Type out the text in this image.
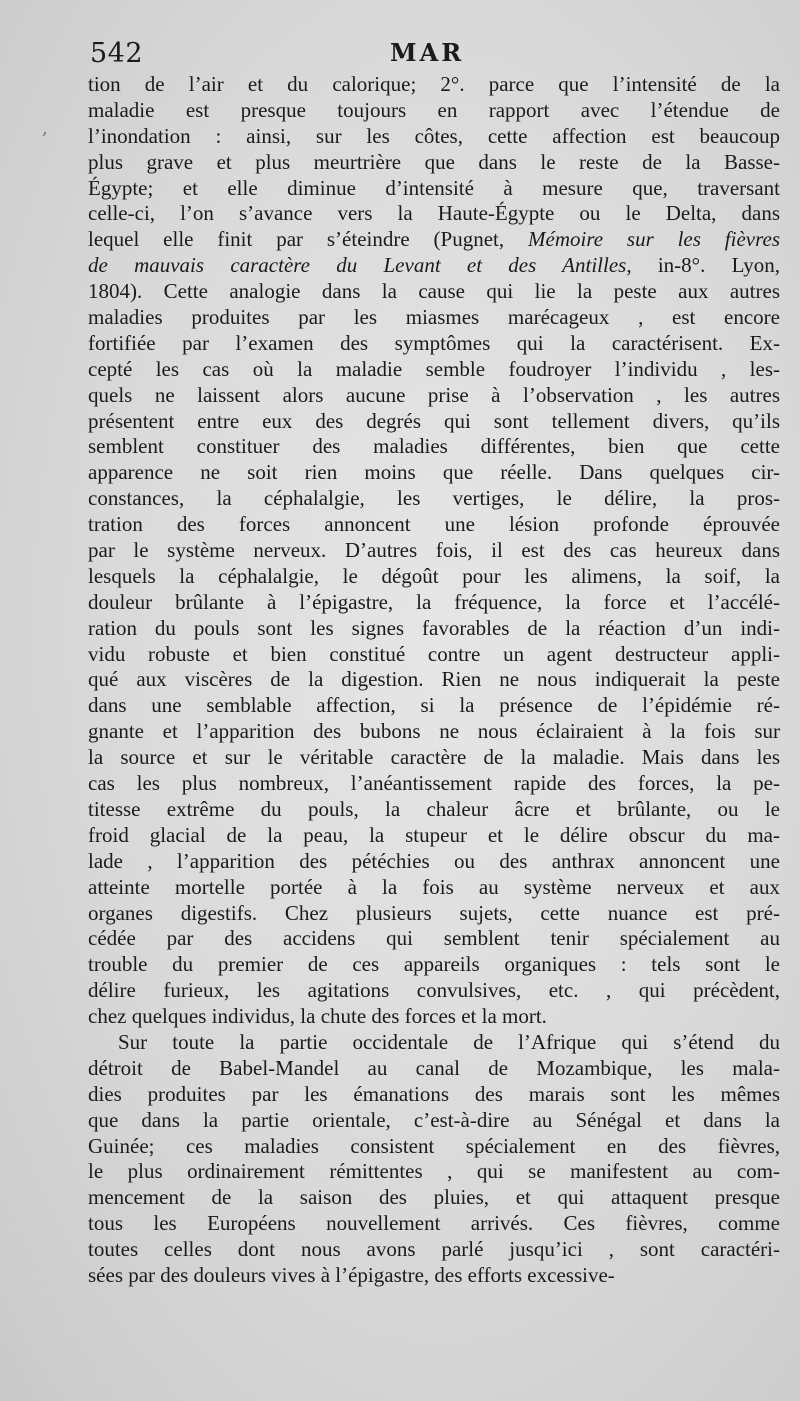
542	MAR
tion de l’air et du calorique; 2°. parce que l’intensité de la
maladie est presque toujours en rapport avec l’étendue de
l’inondation : ainsi, sur les côtes, cette affection est beaucoup
plus grave et plus meurtrière que dans le reste de la Basse-
Égypte; et elle diminue d’intensité à mesure que, traversant
celle-ci, l’on s’avance vers la Haute-Égypte ou le Delta, dans
lequel elle finit par s’éteindre (Pugnet, Mémoire sur les fièvres
de mauvais caractère du Levant et des Antilles, in-8°. Lyon,
1804). Cette analogie dans la cause qui lie la peste aux autres
maladies produites par les miasmes marécageux , est encore
fortifiée par l’examen des symptômes qui la caractérisent. Ex-
cepté les cas où la maladie semble foudroyer l’individu , les-
quels ne laissent alors aucune prise à l’observation , les autres
présentent entre eux des degrés qui sont tellement divers, qu’ils
semblent constituer des maladies différentes, bien que cette
apparence ne soit rien moins que réelle. Dans quelques cir-
constances, la céphalalgie, les vertiges, le délire, la pros-
tration des forces annoncent une lésion profonde éprouvée
par le système nerveux. D’autres fois, il est des cas heureux dans
lesquels la céphalalgie, le dégoût pour les alimens, la soif, la
douleur brûlante à l’épigastre, la fréquence, la force et l’accélé-
ration du pouls sont les signes favorables de la réaction d’un indi-
vidu robuste et bien constitué contre un agent destructeur appli-
qué aux viscères de la digestion. Rien ne nous indiquerait la peste
dans une semblable affection, si la présence de l’épidémie ré-
gnante et l’apparition des bubons ne nous éclairaient à la fois sur
la source et sur le véritable caractère de la maladie. Mais dans les
cas les plus nombreux, l’anéantissement rapide des forces, la pe-
titesse extrême du pouls, la chaleur âcre et brûlante, ou le
froid glacial de la peau, la stupeur et le délire obscur du ma-
lade , l’apparition des pétéchies ou des anthrax annoncent une
atteinte mortelle portée à la fois au système nerveux et aux
organes digestifs. Chez plusieurs sujets, cette nuance est pré-
cédée par des accidens qui semblent tenir spécialement au
trouble du premier de ces appareils organiques : tels sont le
délire furieux, les agitations convulsives, etc. , qui précèdent,
chez quelques individus, la chute des forces et la mort.
Sur toute la partie occidentale de l’Afrique qui s’étend du
détroit de Babel-Mandel au canal de Mozambique, les mala-
dies produites par les émanations des marais sont les mêmes
que dans la partie orientale, c’est-à-dire au Sénégal et dans la
Guinée; ces maladies consistent spécialement en des fièvres,
le plus ordinairement rémittentes , qui se manifestent au com-
mencement de la saison des pluies, et qui attaquent presque
tous les Européens nouvellement arrivés. Ces fièvres, comme
toutes celles dont nous avons parlé jusqu’ici , sont caractéri-
sées par des douleurs vives à l’épigastre, des efforts excessive-
,
